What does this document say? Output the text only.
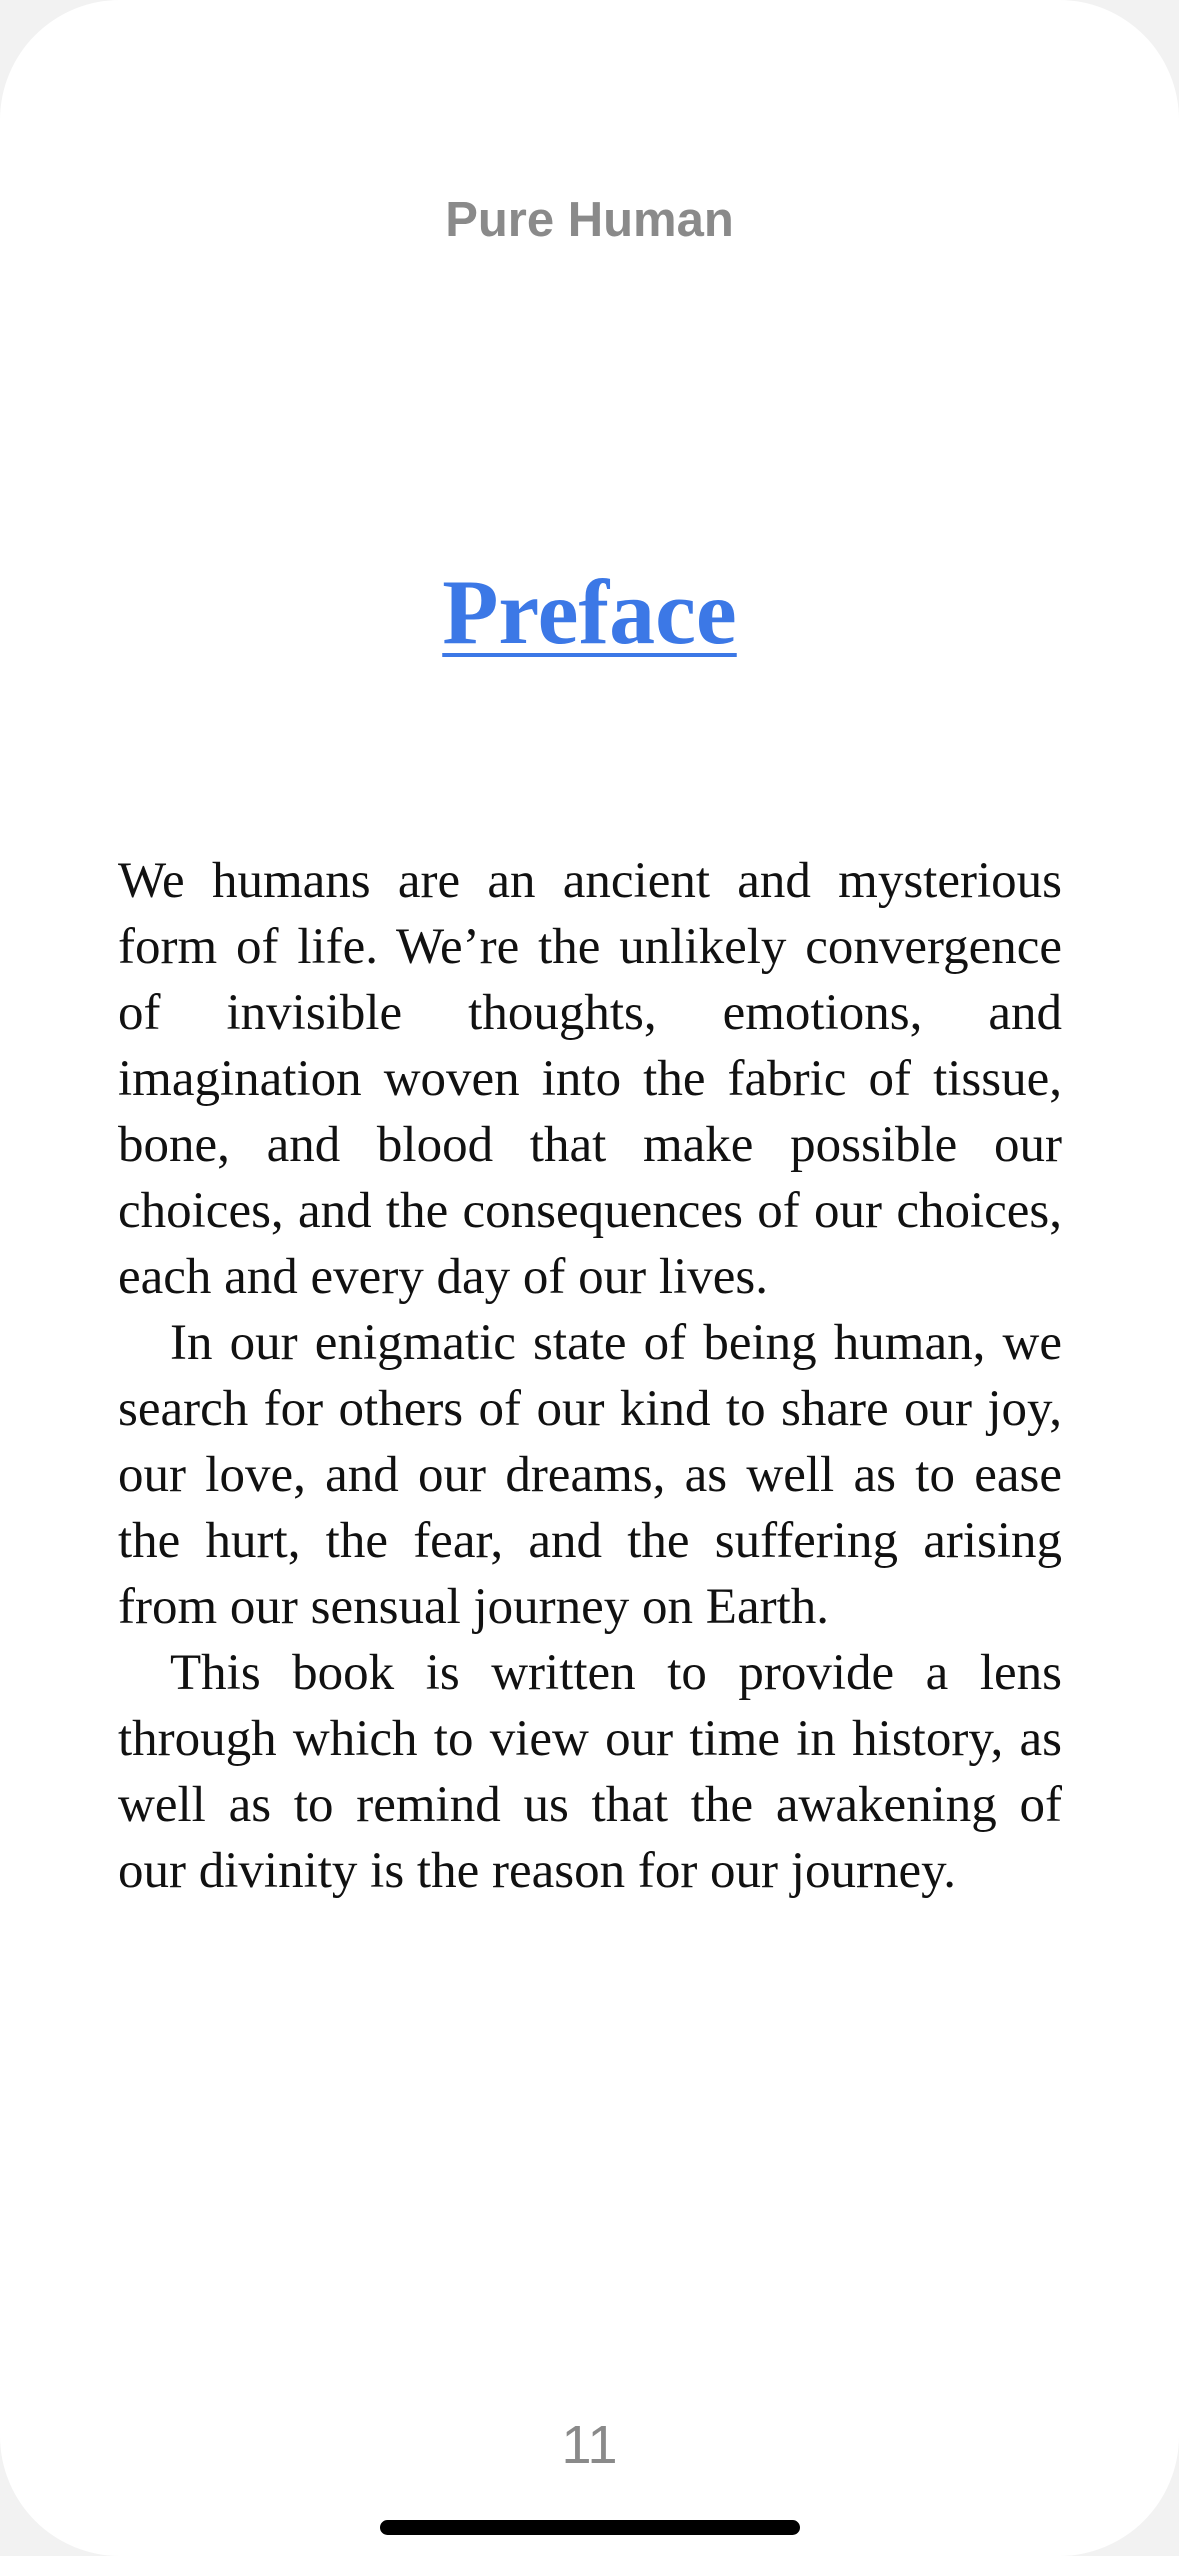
Pure Human
Preface

We humans are an ancient and mysterious form of life. We’re the unlikely convergence of invisible thoughts, emotions, and imagination woven into the fabric of tissue, bone, and blood that make possible our choices, and the consequences of our choices, each and every day of our lives.

In our enigmatic state of being human, we search for others of our kind to share our joy, our love, and our dreams, as well as to ease the hurt, the fear, and the suffering arising from our sensual journey on Earth.

This book is written to provide a lens through which to view our time in history, as well as to remind us that the awakening of our divinity is the reason for our journey.

11
